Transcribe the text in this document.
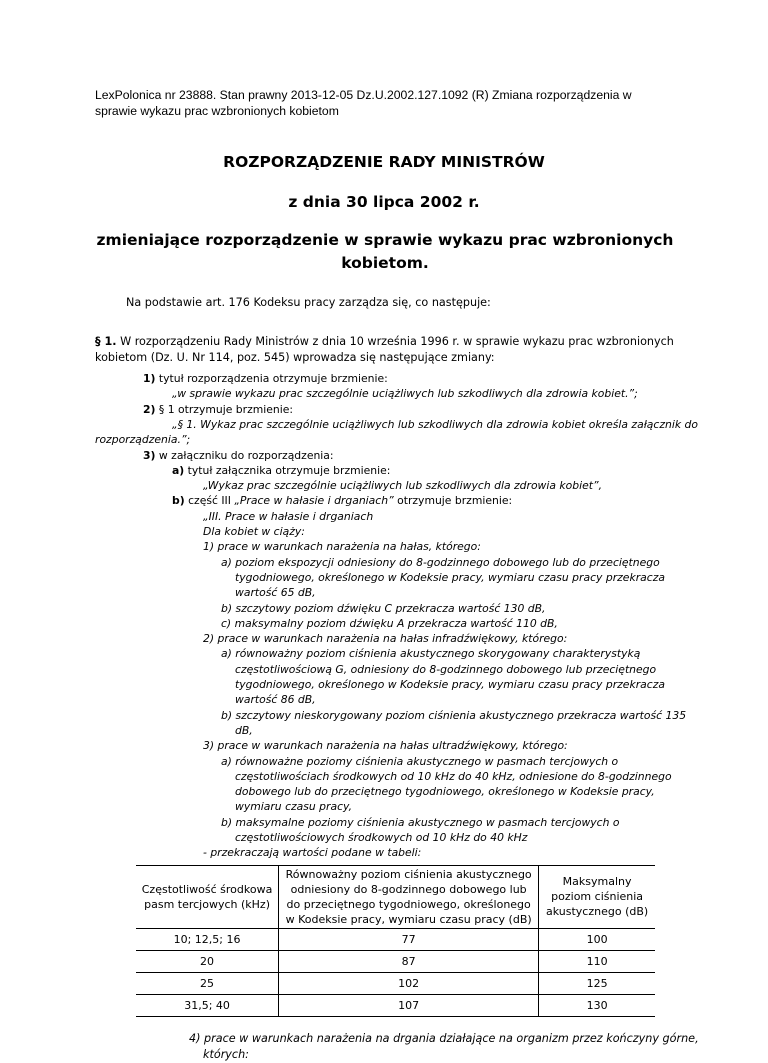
LexPolonica nr 23888. Stan prawny 2013-12-05 Dz.U.2002.127.1092 (R) Zmiana rozporządzenia w sprawie wykazu prac wzbronionych kobietom

ROZPORZĄDZENIE RADY MINISTRÓW
z dnia 30 lipca 2002 r.
zmieniające rozporządzenie w sprawie wykazu prac wzbronionych kobietom.

Na podstawie art. 176 Kodeksu pracy zarządza się, co następuje:

§ 1. W rozporządzeniu Rady Ministrów z dnia 10 września 1996 r. w sprawie wykazu prac wzbronionych kobietom (Dz. U. Nr 114, poz. 545) wprowadza się następujące zmiany:

1) tytuł rozporządzenia otrzymuje brzmienie:

„w sprawie wykazu prac szczególnie uciążliwych lub szkodliwych dla zdrowia kobiet.”;

2) § 1 otrzymuje brzmienie:

„§ 1. Wykaz prac szczególnie uciążliwych lub szkodliwych dla zdrowia kobiet określa załącznik do

rozporządzenia.”;

3) w załączniku do rozporządzenia:

a) tytuł załącznika otrzymuje brzmienie:

„Wykaz prac szczególnie uciążliwych lub szkodliwych dla zdrowia kobiet”,

b) część III „Prace w hałasie i drganiach” otrzymuje brzmienie:

„III. Prace w hałasie i drganiach

Dla kobiet w ciąży:

1) prace w warunkach narażenia na hałas, którego:

a) poziom ekspozycji odniesiony do 8-godzinnego dobowego lub do przeciętnego

tygodniowego, określonego w Kodeksie pracy, wymiaru czasu pracy przekracza

wartość 65 dB,

b) szczytowy poziom dźwięku C przekracza wartość 130 dB,

c) maksymalny poziom dźwięku A przekracza wartość 110 dB,

2) prace w warunkach narażenia na hałas infradźwiękowy, którego:

a) równoważny poziom ciśnienia akustycznego skorygowany charakterystyką

częstotliwościową G, odniesiony do 8-godzinnego dobowego lub przeciętnego

tygodniowego, określonego w Kodeksie pracy, wymiaru czasu pracy przekracza

wartość 86 dB,

b) szczytowy nieskorygowany poziom ciśnienia akustycznego przekracza wartość 135

dB,

3) prace w warunkach narażenia na hałas ultradźwiękowy, którego:

a) równoważne poziomy ciśnienia akustycznego w pasmach tercjowych o

częstotliwościach środkowych od 10 kHz do 40 kHz, odniesione do 8-godzinnego

dobowego lub do przeciętnego tygodniowego, określonego w Kodeksie pracy,

wymiaru czasu pracy,

b) maksymalne poziomy ciśnienia akustycznego w pasmach tercjowych o

częstotliwościowych środkowych od 10 kHz do 40 kHz

- przekraczają wartości podane w tabeli:

Częstotliwość środkowa pasm tercjowych (kHz)	Równoważny poziom ciśnienia akustycznego odniesiony do 8-godzinnego dobowego lub do przeciętnego tygodniowego, określonego w Kodeksie pracy, wymiaru czasu pracy (dB)	Maksymalny poziom ciśnienia akustycznego (dB)
10; 12,5; 16	77	100
20	87	110
25	102	125
31,5; 40	107	130

4) prace w warunkach narażenia na drgania działające na organizm przez kończyny górne,

których:
